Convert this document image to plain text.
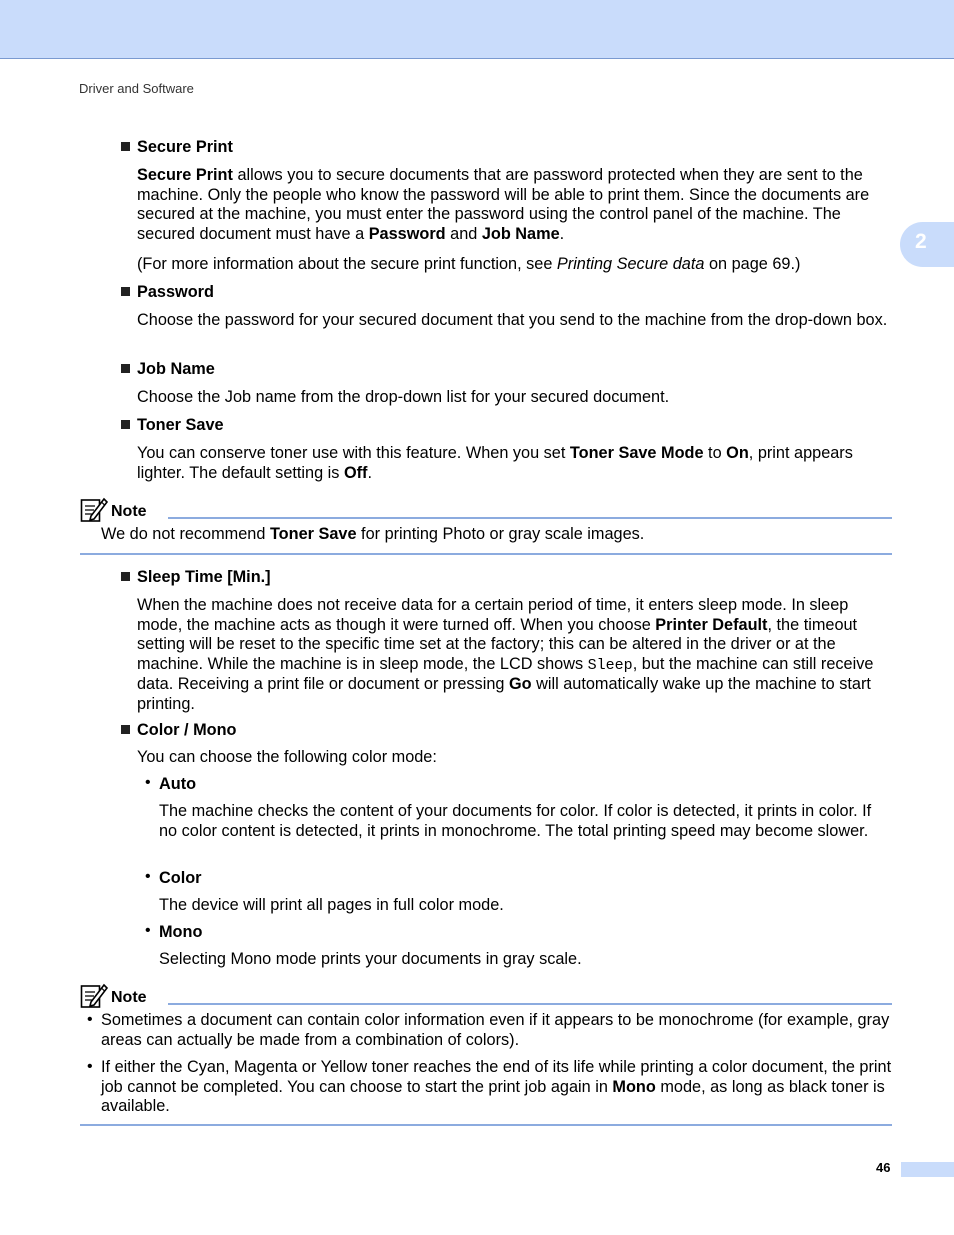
Driver and Software
2
Secure Print
Secure Print allows you to secure documents that are password protected when they are sent to the machine. Only the people who know the password will be able to print them. Since the documents are secured at the machine, you must enter the password using the control panel of the machine. The secured document must have a Password and Job Name.
(For more information about the secure print function, see Printing Secure data on page 69.)
Password
Choose the password for your secured document that you send to the machine from the drop-down box.
Job Name
Choose the Job name from the drop-down list for your secured document.
Toner Save
You can conserve toner use with this feature. When you set Toner Save Mode to On, print appears lighter. The default setting is Off.
Note
We do not recommend Toner Save for printing Photo or gray scale images.
Sleep Time [Min.]
When the machine does not receive data for a certain period of time, it enters sleep mode. In sleep mode, the machine acts as though it were turned off. When you choose Printer Default, the timeout setting will be reset to the specific time set at the factory; this can be altered in the driver or at the machine. While the machine is in sleep mode, the LCD shows Sleep, but the machine can still receive data. Receiving a print file or document or pressing Go will automatically wake up the machine to start printing.
Color / Mono
You can choose the following color mode:
• Auto
The machine checks the content of your documents for color. If color is detected, it prints in color. If no color content is detected, it prints in monochrome. The total printing speed may become slower.
• Color
The device will print all pages in full color mode.
• Mono
Selecting Mono mode prints your documents in gray scale.
Note
• Sometimes a document can contain color information even if it appears to be monochrome (for example, gray areas can actually be made from a combination of colors).
• If either the Cyan, Magenta or Yellow toner reaches the end of its life while printing a color document, the print job cannot be completed. You can choose to start the print job again in Mono mode, as long as black toner is available.
46
